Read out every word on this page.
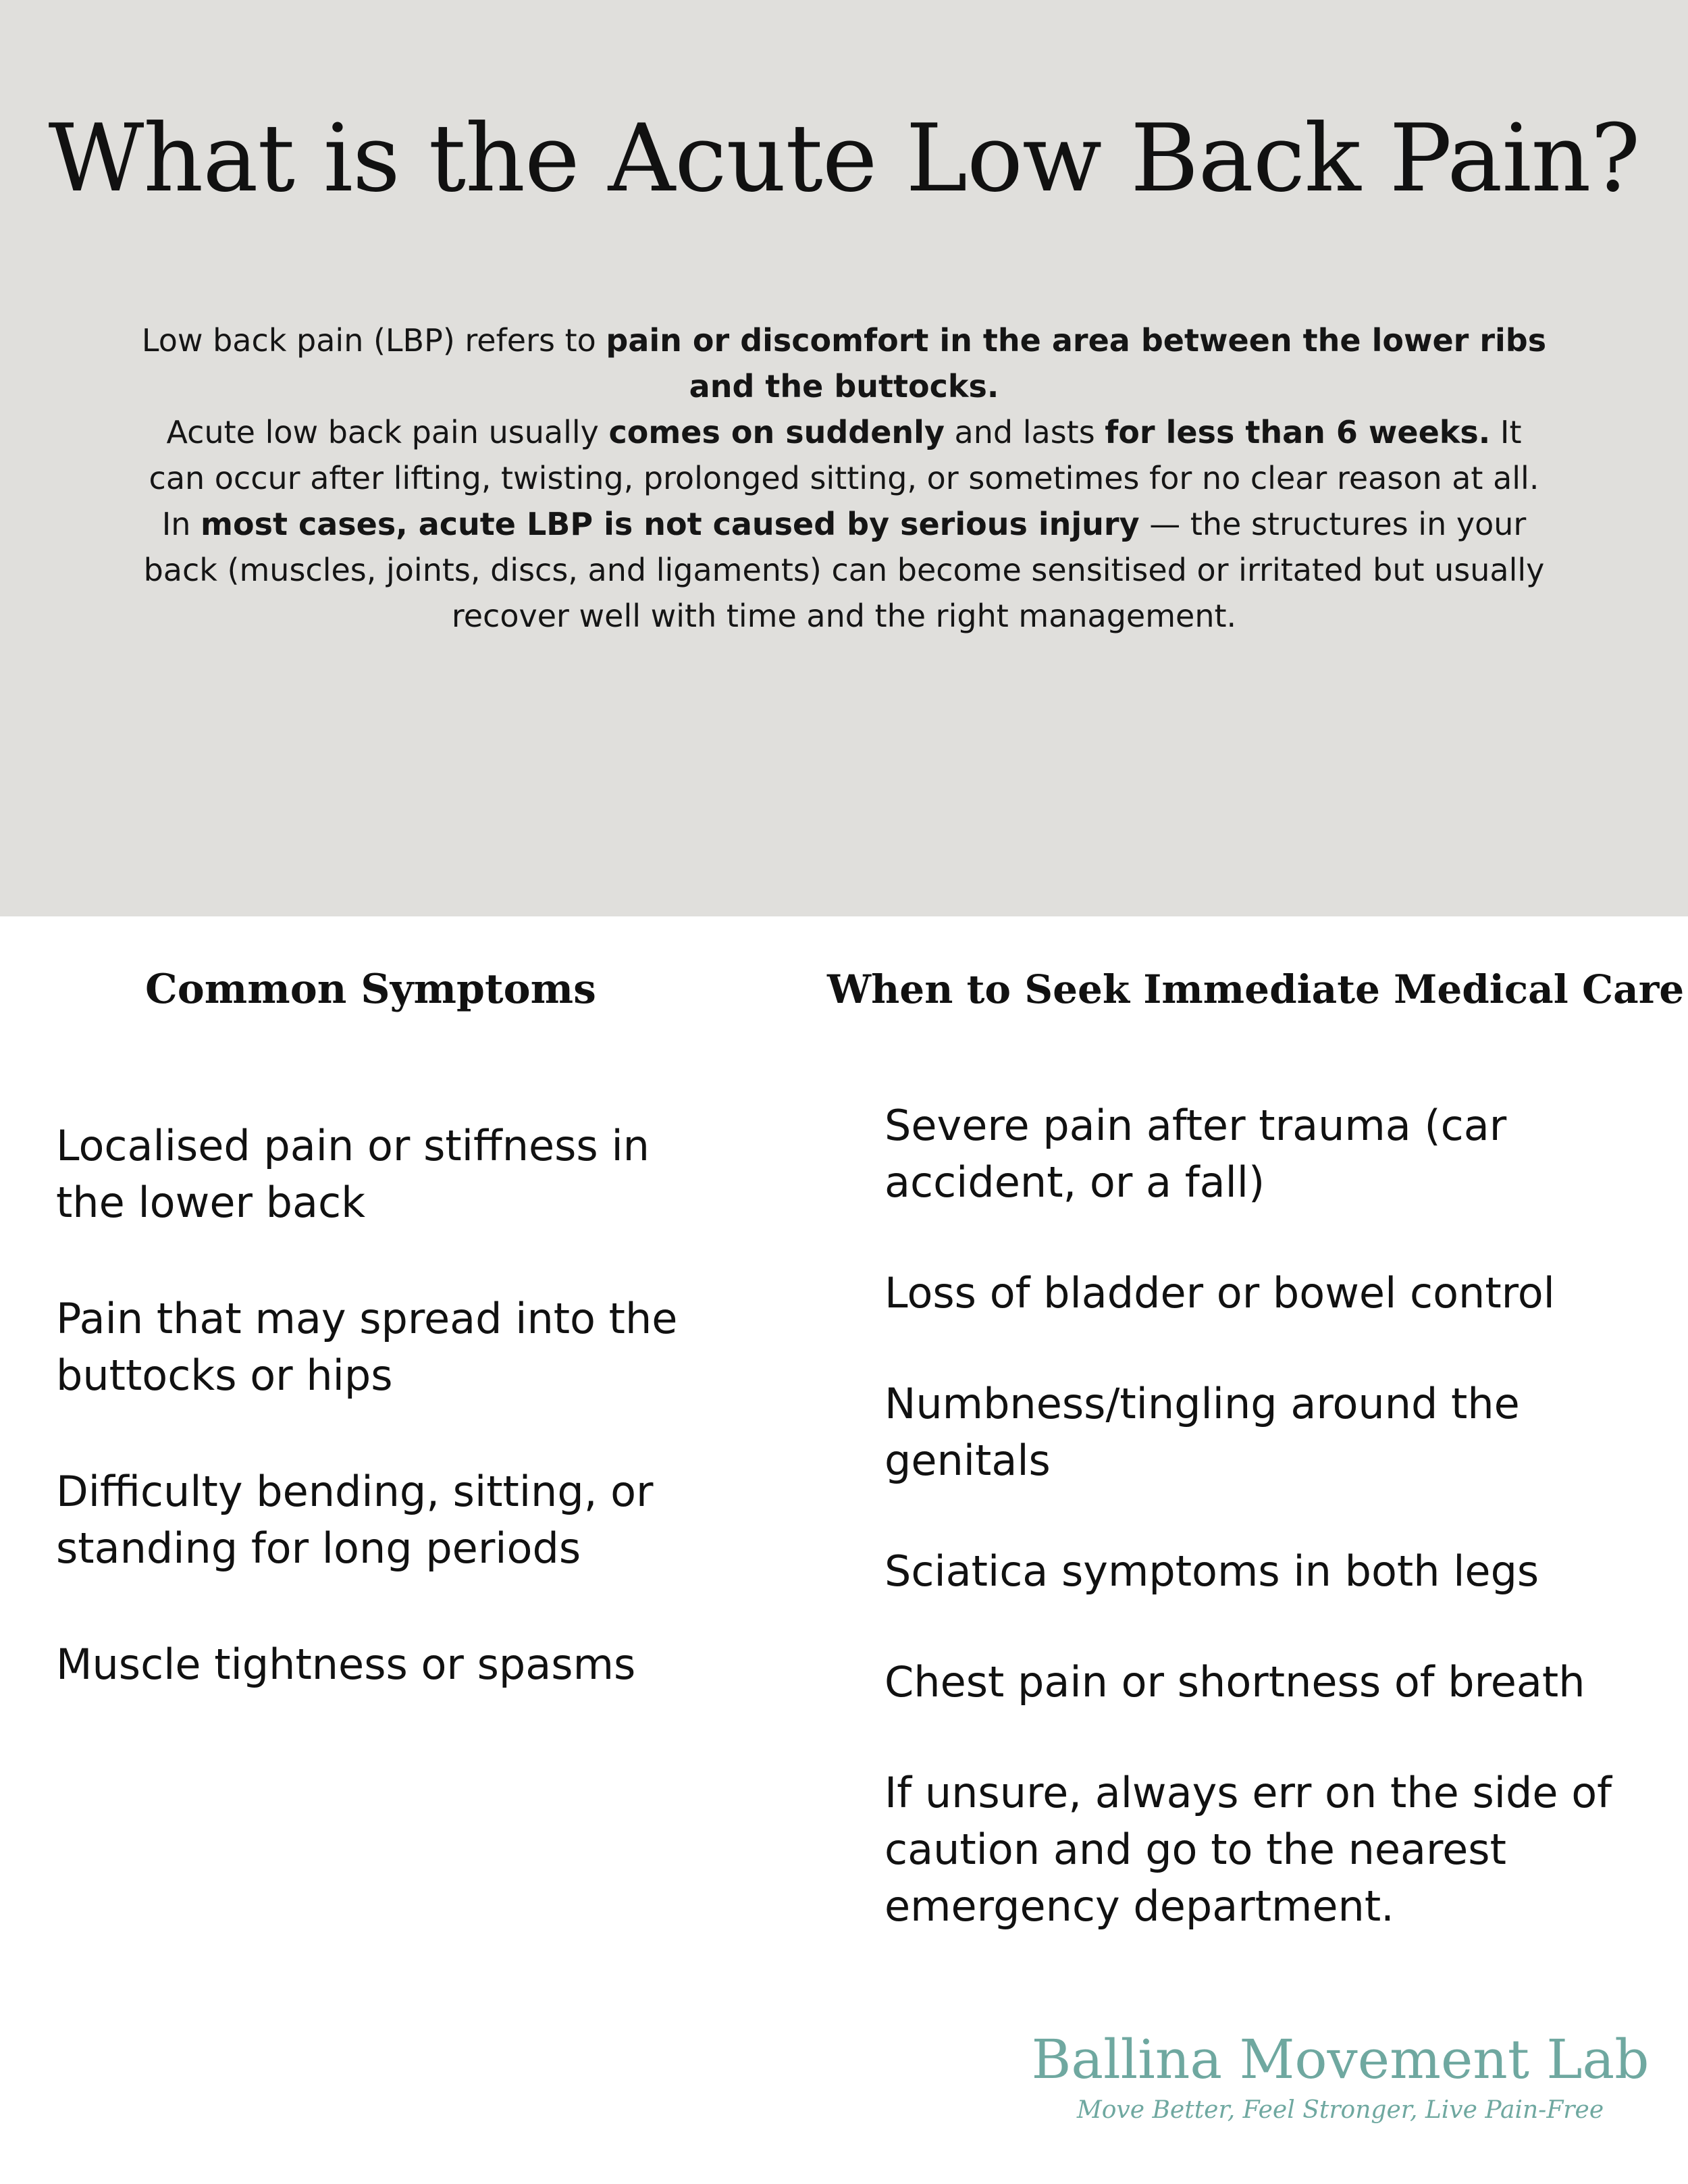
What is the Acute Low Back Pain?

Low back pain (LBP) refers to pain or discomfort in the area between the lower ribs and the buttocks.

Acute low back pain usually comes on suddenly and lasts for less than 6 weeks. It can occur after lifting, twisting, prolonged sitting, or sometimes for no clear reason at all.

In most cases, acute LBP is not caused by serious injury — the structures in your back (muscles, joints, discs, and ligaments) can become sensitised or irritated but usually recover well with time and the right management.

Common Symptoms	When to Seek Immediate Medical Care
Localised pain or stiffness in the lower back
Pain that may spread into the buttocks or hips
Difficulty bending, sitting, or standing for long periods
Muscle tightness or spasms
Severe pain after trauma (car accident, or a fall)
Loss of bladder or bowel control
Numbness/tingling around the genitals
Sciatica symptoms in both legs
Chest pain or shortness of breath
If unsure, always err on the side of caution and go to the nearest emergency department.

Ballina Movement Lab

Move Better, Feel Stronger, Live Pain-Free
